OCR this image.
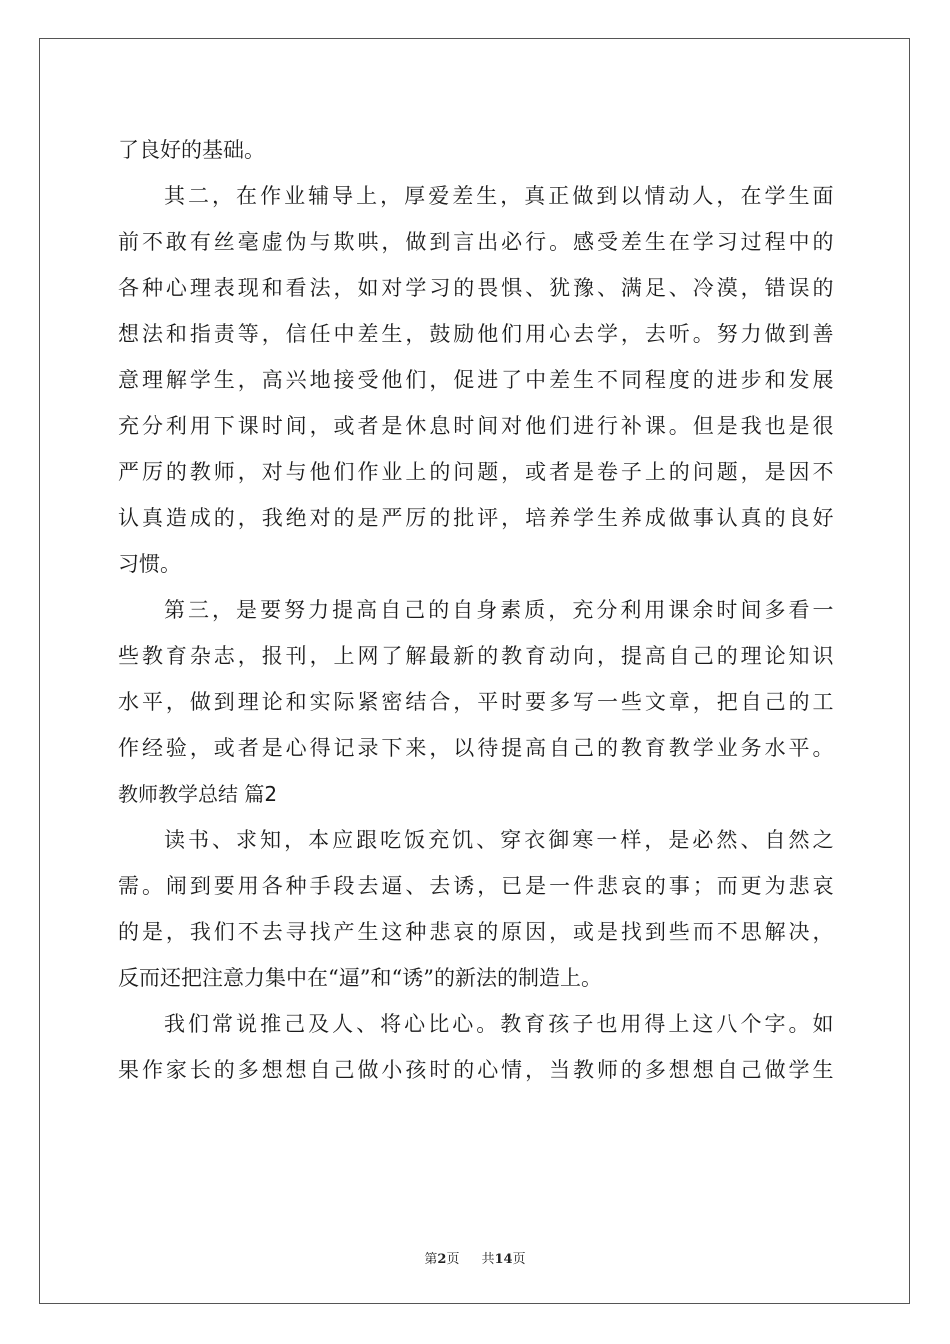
了良好的基础。
其二，在作业辅导上，厚爱差生，真正做到以情动人，在学生面
前不敢有丝毫虚伪与欺哄，做到言出必行。感受差生在学习过程中的
各种心理表现和看法，如对学习的畏惧、犹豫、满足、冷漠，错误的
想法和指责等，信任中差生，鼓励他们用心去学，去听。努力做到善
意理解学生，高兴地接受他们，促进了中差生不同程度的进步和发展
充分利用下课时间，或者是休息时间对他们进行补课。但是我也是很
严厉的教师，对与他们作业上的问题，或者是卷子上的问题，是因不
认真造成的，我绝对的是严厉的批评，培养学生养成做事认真的良好
习惯。
第三，是要努力提高自己的自身素质，充分利用课余时间多看一
些教育杂志，报刊，上网了解最新的教育动向，提高自己的理论知识
水平，做到理论和实际紧密结合，平时要多写一些文章，把自己的工
作经验，或者是心得记录下来，以待提高自己的教育教学业务水平。
教师教学总结 篇2
读书、求知，本应跟吃饭充饥、穿衣御寒一样，是必然、自然之
需。闹到要用各种手段去逼、去诱，已是一件悲哀的事；而更为悲哀
的是，我们不去寻找产生这种悲哀的原因，或是找到些而不思解决，
反而还把注意力集中在“逼”和“诱”的新法的制造上。
我们常说推己及人、将心比心。教育孩子也用得上这八个字。如
果作家长的多想想自己做小孩时的心情，当教师的多想想自己做学生
第2页 共14页
